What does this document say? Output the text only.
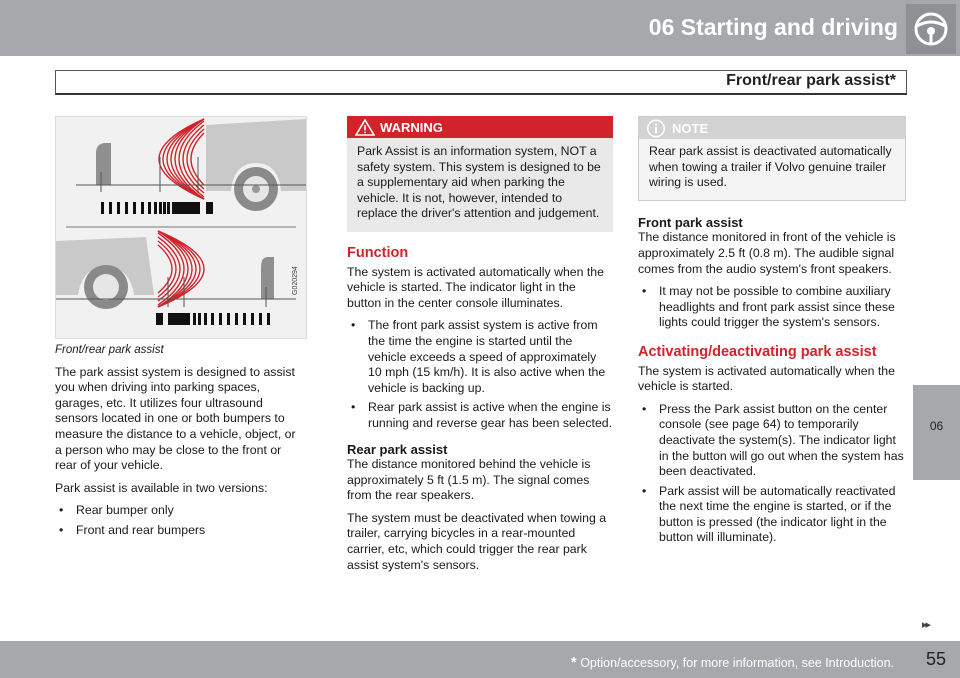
06 Starting and driving
Front/rear park assist*
06
G020294
Front/rear park assist

The park assist system is designed to assist you when driving into parking spaces, garages, etc. It utilizes four ultrasound sensors located in one or both bumpers to measure the distance to a vehicle, object, or a person who may be close to the front or rear of your vehicle.

Park assist is available in two versions:

• Rear bumper only
• Front and rear bumpers
WARNING
Park Assist is an information system, NOT a safety system. This system is designed to be a supplementary aid when parking the vehicle. It is not, however, intended to replace the driver's attention and judgement.
Function

The system is activated automatically when the vehicle is started. The indicator light in the button in the center console illuminates.

• The front park assist system is active from the time the engine is started until the vehicle exceeds a speed of approximately 10 mph (15 km/h). It is also active when the vehicle is backing up.
• Rear park assist is active when the engine is running and reverse gear has been selected.
Rear park assist

The distance monitored behind the vehicle is approximately 5 ft (1.5 m). The signal comes from the rear speakers.

The system must be deactivated when towing a trailer, carrying bicycles in a rear-mounted carrier, etc, which could trigger the rear park assist system's sensors.

NOTE
Rear park assist is deactivated automatically when towing a trailer if Volvo genuine trailer wiring is used.
Front park assist

The distance monitored in front of the vehicle is approximately 2.5 ft (0.8 m). The audible signal comes from the audio system's front speakers.

• It may not be possible to combine auxiliary headlights and front park assist since these lights could trigger the system's sensors.
Activating/deactivating park assist

The system is activated automatically when the vehicle is started.

• Press the Park assist button on the center console (see page 64) to temporarily deactivate the system(s). The indicator light in the button will go out when the system has been deactivated.
• Park assist will be automatically reactivated the next time the engine is started, or if the button is pressed (the indicator light in the button will illuminate).
▸▸
* Option/accessory, for more information, see Introduction. 55
